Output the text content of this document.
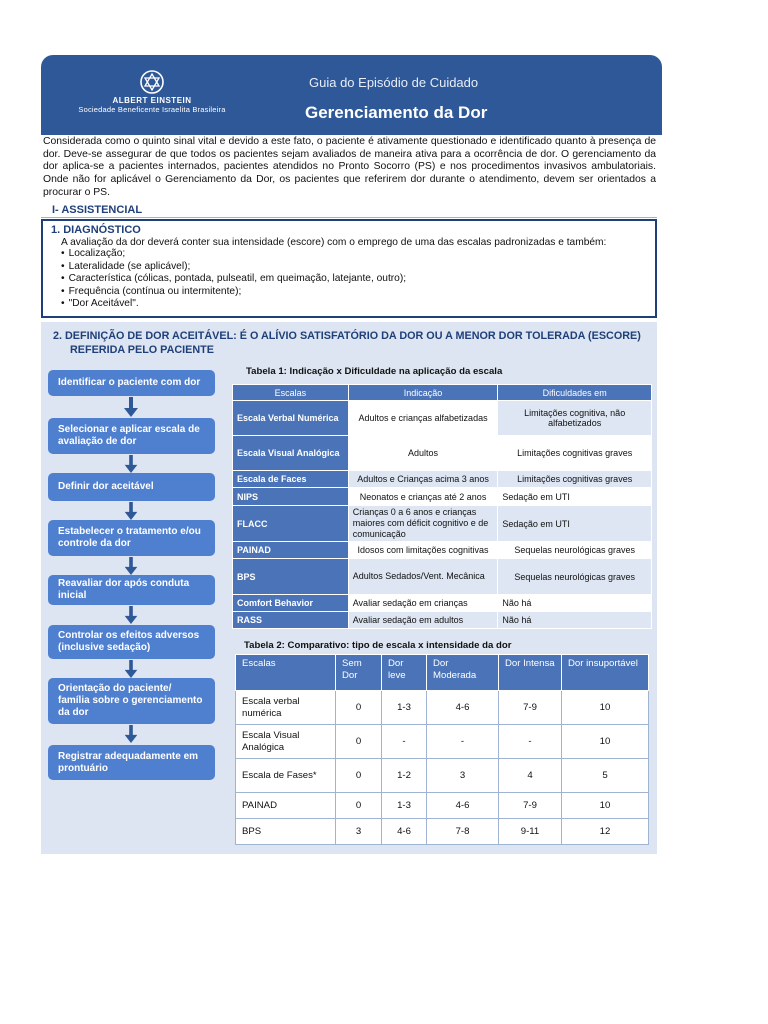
ALBERT EINSTEIN
Sociedade Beneficente Israelita Brasileira
Guia do Episódio de Cuidado
Gerenciamento da Dor

Considerada como o quinto sinal vital e devido a este fato, o paciente é ativamente questionado e identificado quanto à presença de dor. Deve-se assegurar de que todos os pacientes sejam avaliados de maneira ativa para a ocorrência de dor. O gerenciamento da dor aplica-se a pacientes internados, pacientes atendidos no Pronto Socorro (PS) e nos procedimentos invasivos ambulatoriais. Onde não for aplicável o Gerenciamento da Dor, os pacientes que referirem dor durante o atendimento, devem ser orientados a procurar o PS.

I- ASSISTENCIAL
1. DIAGNÓSTICO
A avaliação da dor deverá conter sua intensidade (escore) com o emprego de uma das escalas padronizadas e também:
• Localização;
• Lateralidade (se aplicável);
• Característica (cólicas, pontada, pulseatil, em queimação, latejante, outro);
• Frequência (contínua ou intermitente);
• "Dor Aceitável".
2. DEFINIÇÃO DE DOR ACEITÁVEL: É O ALÍVIO SATISFATÓRIO DA DOR OU A MENOR DOR TOLERADA (ESCORE)
REFERIDA PELO PACIENTE
Identificar o paciente com dor
Selecionar e aplicar escala de avaliação de dor
Definir dor aceitável
Estabelecer o tratamento e/ou controle da dor
Reavaliar dor após conduta inicial
Controlar os efeitos adversos (inclusive sedação)
Orientação do paciente/ família sobre o gerenciamento da dor
Registrar adequadamente em prontuário
Tabela 1: Indicação x Dificuldade na aplicação da escala
Escalas	Indicação	Dificuldades em
Escala Verbal Numérica	Adultos e crianças alfabetizadas	Limitações cognitiva, não alfabetizados
Escala Visual Analógica	Adultos	Limitações cognitivas graves
Escala de Faces	Adultos e Crianças acima 3 anos	Limitações cognitivas graves
NIPS	Neonatos e crianças até 2 anos	Sedação em UTI
FLACC	Crianças 0 a 6 anos e crianças maiores com déficit cognitivo e de comunicação	Sedação em UTI
PAINAD	Idosos com limitações cognitivas	Sequelas neurológicas graves
BPS	Adultos Sedados/Vent. Mecânica	Sequelas neurológicas graves
Comfort Behavior	Avaliar sedação em crianças	Não há
RASS	Avaliar sedação em adultos	Não há
Tabela 2: Comparativo: tipo de escala x intensidade da dor
Escalas	Sem Dor	Dor leve	Dor Moderada	Dor Intensa	Dor insuportável
Escala verbal numérica	0	1-3	4-6	7-9	10
Escala Visual Analógica	0	-	-	-	10
Escala de Fases*	0	1-2	3	4	5
PAINAD	0	1-3	4-6	7-9	10
BPS	3	4-6	7-8	9-11	12
